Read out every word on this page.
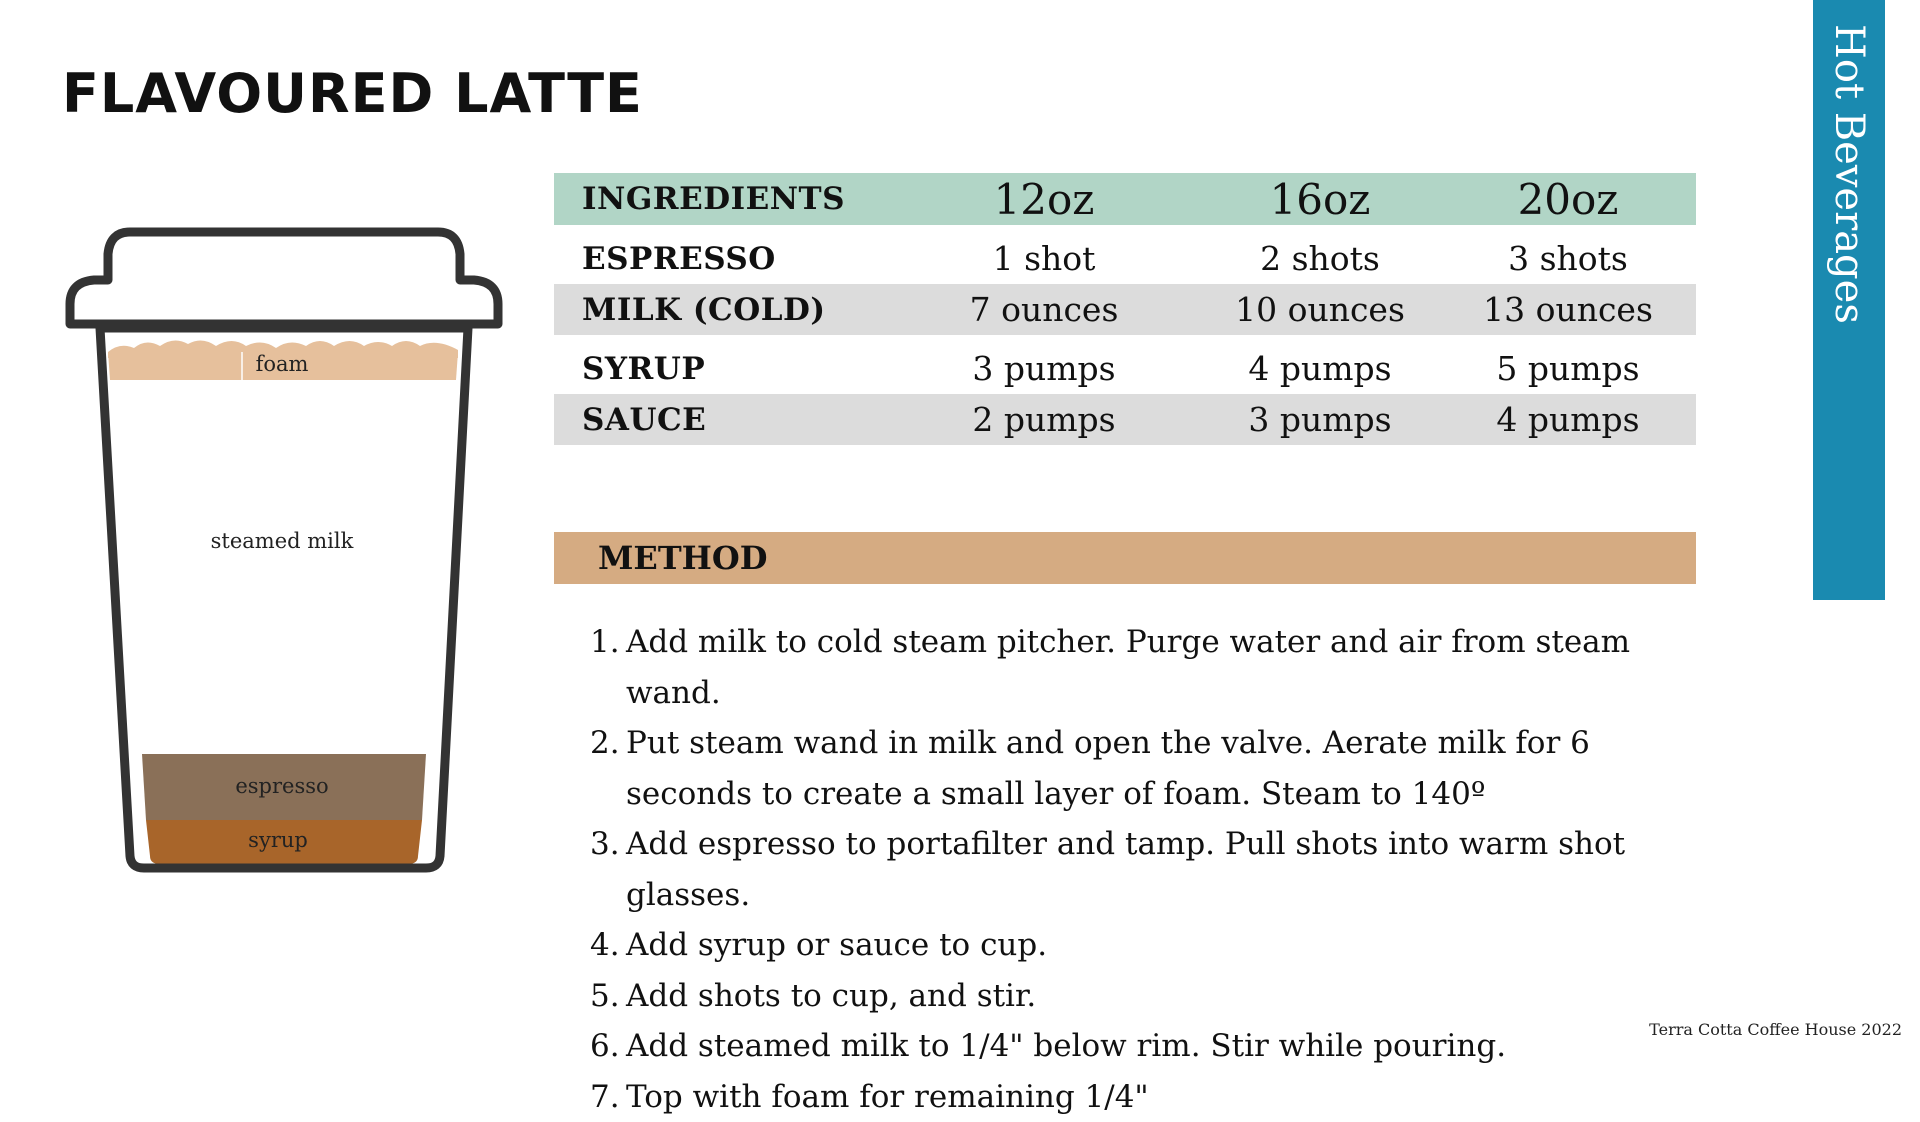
FLAVOURED LATTE	Hot Beverages
foam
steamed milk
espresso
syrup
INGREDIENTS	12oz	16oz	20oz
ESPRESSO	1 shot	2 shots	3 shots
MILK (COLD)	7 ounces	10 ounces 13 ounces
SYRUP	3 pumps	4 pumps	5 pumps
SAUCE	2 pumps	3 pumps	4 pumps
METHOD
1. Add milk to cold steam pitcher. Purge water and air from steam wand.
2. Put steam wand in milk and open the valve. Aerate milk for 6 seconds to create a small layer of foam. Steam to 140º
3. Add espresso to portafilter and tamp. Pull shots into warm shot glasses.
4. Add syrup or sauce to cup.
5. Add shots to cup, and stir.
6. Add steamed milk to 1/4" below rim. Stir while pouring.
7. Top with foam for remaining 1/4"
Terra Cotta Coffee House 2022
